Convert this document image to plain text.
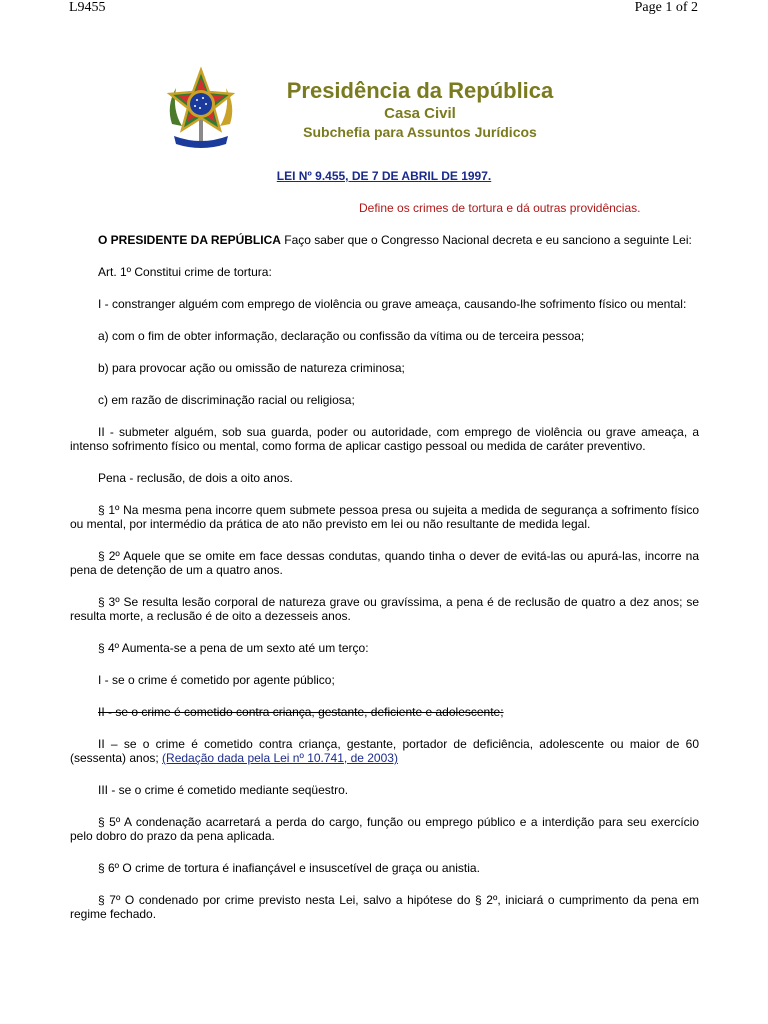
L9455	Page 1 of 2
Presidência da República
Casa Civil
Subchefia para Assuntos Jurídicos
LEI Nº 9.455, DE 7 DE ABRIL DE 1997.
Define os crimes de tortura e dá outras providências.

O PRESIDENTE DA REPÚBLICA Faço saber que o Congresso Nacional decreta e eu sanciono a seguinte Lei:

Art. 1º Constitui crime de tortura:

I - constranger alguém com emprego de violência ou grave ameaça, causando-lhe sofrimento físico ou mental:

a) com o fim de obter informação, declaração ou confissão da vítima ou de terceira pessoa;

b) para provocar ação ou omissão de natureza criminosa;

c) em razão de discriminação racial ou religiosa;

II - submeter alguém, sob sua guarda, poder ou autoridade, com emprego de violência ou grave ameaça, a intenso sofrimento físico ou mental, como forma de aplicar castigo pessoal ou medida de caráter preventivo.

Pena - reclusão, de dois a oito anos.

§ 1º Na mesma pena incorre quem submete pessoa presa ou sujeita a medida de segurança a sofrimento físico ou mental, por intermédio da prática de ato não previsto em lei ou não resultante de medida legal.

§ 2º Aquele que se omite em face dessas condutas, quando tinha o dever de evitá-las ou apurá-las, incorre na pena de detenção de um a quatro anos.

§ 3º Se resulta lesão corporal de natureza grave ou gravíssima, a pena é de reclusão de quatro a dez anos; se resulta morte, a reclusão é de oito a dezesseis anos.

§ 4º Aumenta-se a pena de um sexto até um terço:

I - se o crime é cometido por agente público;

II - se o crime é cometido contra criança, gestante, deficiente e adolescente;

II – se o crime é cometido contra criança, gestante, portador de deficiência, adolescente ou maior de 60 (sessenta) anos; (Redação dada pela Lei nº 10.741, de 2003)

III - se o crime é cometido mediante seqüestro.

§ 5º A condenação acarretará a perda do cargo, função ou emprego público e a interdição para seu exercício pelo dobro do prazo da pena aplicada.

§ 6º O crime de tortura é inafiançável e insuscetível de graça ou anistia.

§ 7º O condenado por crime previsto nesta Lei, salvo a hipótese do § 2º, iniciará o cumprimento da pena em regime fechado.
